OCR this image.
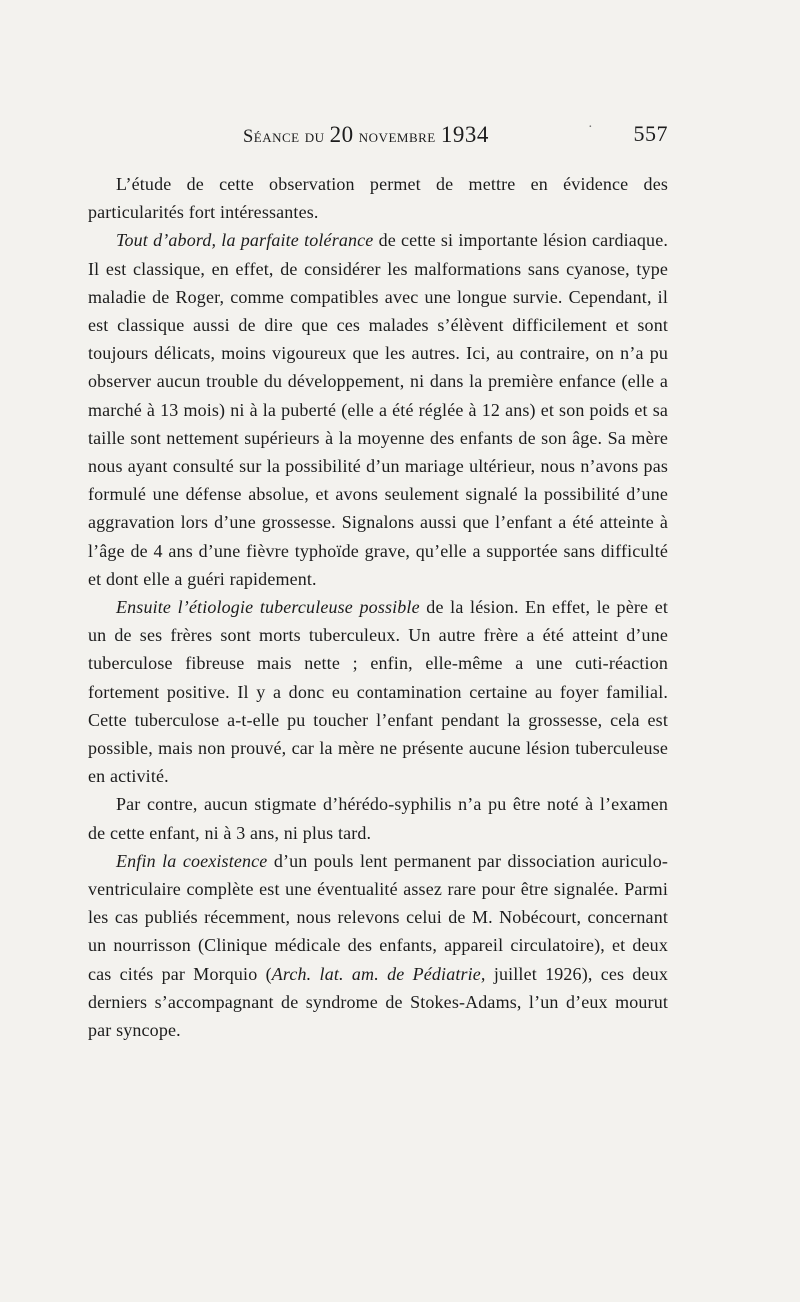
Séance du 20 novembre 1934	· 557

L’étude de cette observation permet de mettre en évidence des particularités fort intéressantes.

Tout d’abord, la parfaite tolérance de cette si importante lésion cardiaque. Il est classique, en effet, de considérer les malformations sans cyanose, type maladie de Roger, comme compatibles avec une longue survie. Cependant, il est classique aussi de dire que ces malades s’élèvent difficilement et sont toujours délicats, moins vigoureux que les autres. Ici, au contraire, on n’a pu observer aucun trouble du développement, ni dans la première enfance (elle a marché à 13 mois) ni à la puberté (elle a été réglée à 12 ans) et son poids et sa taille sont nettement supérieurs à la moyenne des enfants de son âge. Sa mère nous ayant consulté sur la possibilité d’un mariage ultérieur, nous n’avons pas formulé une défense absolue, et avons seulement signalé la possibilité d’une aggravation lors d’une grossesse. Signalons aussi que l’enfant a été atteinte à l’âge de 4 ans d’une fièvre typhoïde grave, qu’elle a supportée sans difficulté et dont elle a guéri rapidement.

Ensuite l’étiologie tuberculeuse possible de la lésion. En effet, le père et un de ses frères sont morts tuberculeux. Un autre frère a été atteint d’une tuberculose fibreuse mais nette ; enfin, elle-même a une cuti-réaction fortement positive. Il y a donc eu contamination certaine au foyer familial. Cette tuberculose a-t-elle pu toucher l’enfant pendant la grossesse, cela est possible, mais non prouvé, car la mère ne présente aucune lésion tuberculeuse en activité.

Par contre, aucun stigmate d’hérédo-syphilis n’a pu être noté à l’examen de cette enfant, ni à 3 ans, ni plus tard.

Enfin la coexistence d’un pouls lent permanent par dissociation auriculo-ventriculaire complète est une éventualité assez rare pour être signalée. Parmi les cas publiés récemment, nous relevons celui de M. Nobécourt, concernant un nourrisson (Clinique médicale des enfants, appareil circulatoire), et deux cas cités par Morquio (Arch. lat. am. de Pédiatrie, juillet 1926), ces deux derniers s’accompagnant de syndrome de Stokes-Adams, l’un d’eux mourut par syncope.
